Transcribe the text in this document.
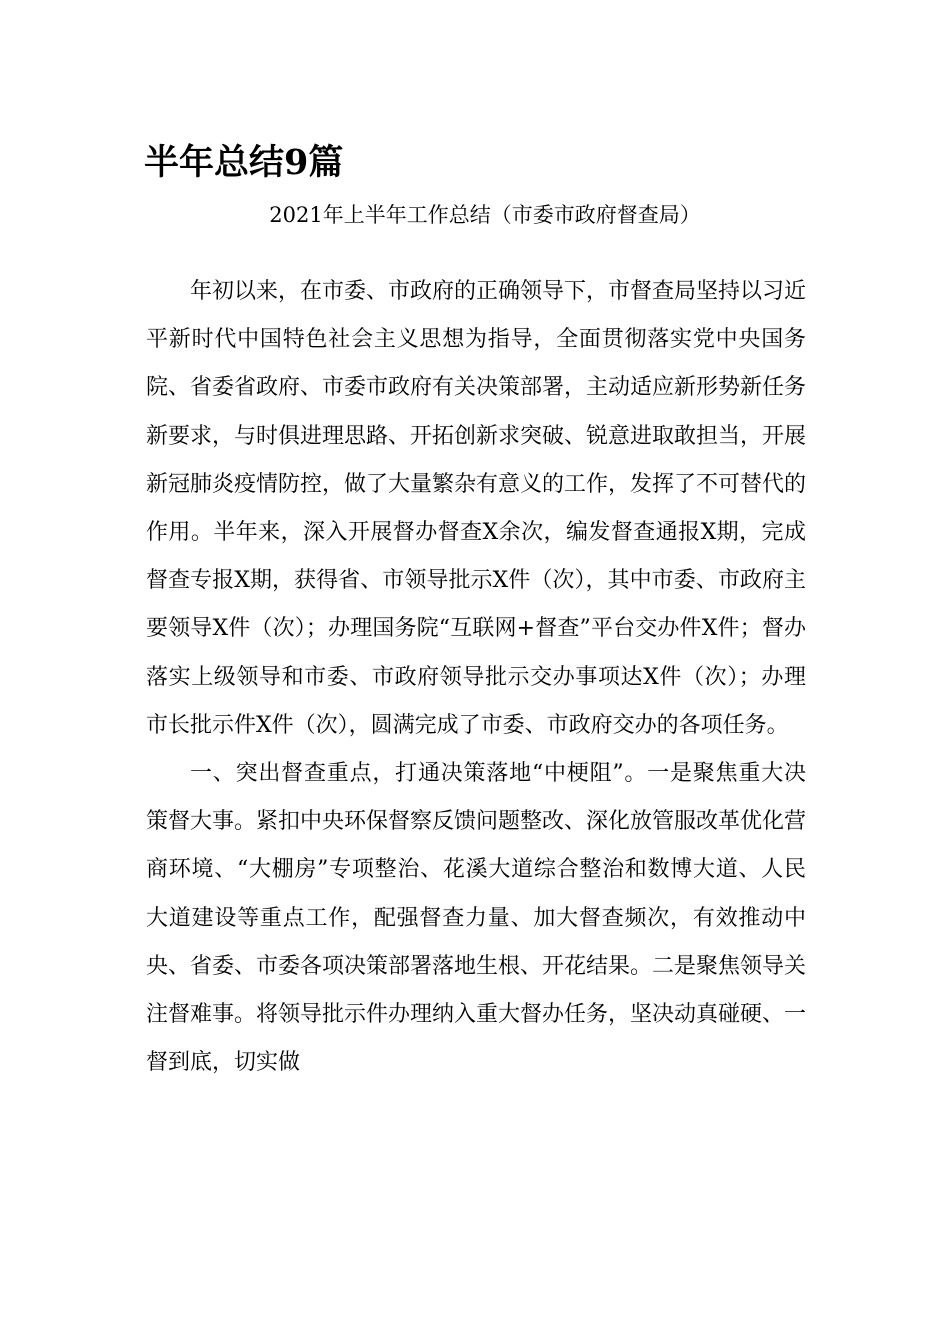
半年总结9篇
2021年上半年工作总结（市委市政府督查局）

年初以来，在市委、市政府的正确领导下，市督查局坚持以习近平新时代中国特色社会主义思想为指导，全面贯彻落实党中央国务院、省委省政府、市委市政府有关决策部署，主动适应新形势新任务新要求，与时俱进理思路、开拓创新求突破、锐意进取敢担当，开展新冠肺炎疫情防控，做了大量繁杂有意义的工作，发挥了不可替代的作用。半年来，深入开展督办督查X余次，编发督查通报X期，完成督查专报X期，获得省、市领导批示X件（次），其中市委、市政府主要领导X件（次）；办理国务院“互联网+督查”平台交办件X件；督办落实上级领导和市委、市政府领导批示交办事项达X件（次）；办理市长批示件X件（次），圆满完成了市委、市政府交办的各项任务。

一、突出督查重点，打通决策落地“中梗阻”。一是聚焦重大决策督大事。紧扣中央环保督察反馈问题整改、深化放管服改革优化营商环境、“大棚房”专项整治、花溪大道综合整治和数博大道、人民大道建设等重点工作，配强督查力量、加大督查频次，有效推动中央、省委、市委各项决策部署落地生根、开花结果。二是聚焦领导关注督难事。将领导批示件办理纳入重大督办任务，坚决动真碰硬、一督到底，切实做
